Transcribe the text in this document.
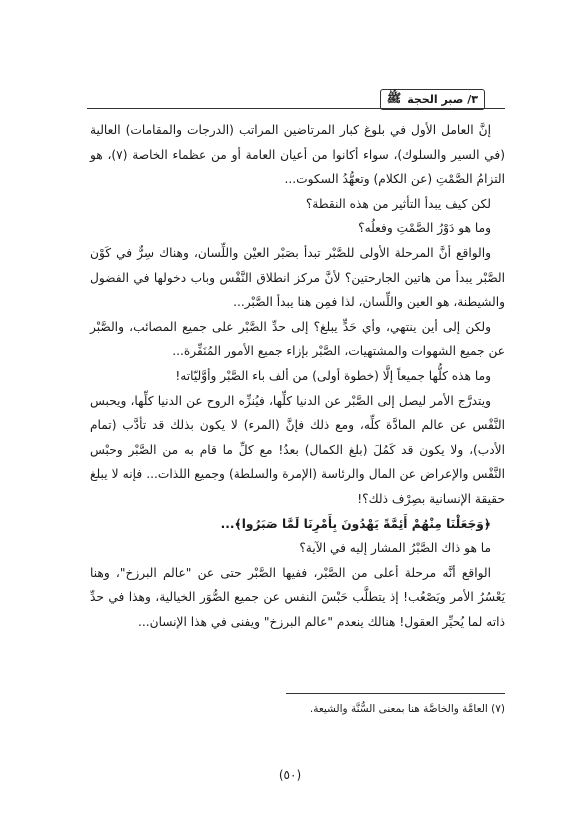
٣/ صبر الحجة
ﷺ

إنَّ العامل الأول في بلوغ كبار المرتاضين المراتب (الدرجات والمقامات) العالية (في السير والسلوك)، سواء أكانوا من أعيان العامة أو من عظماء الخاصة (٧)، هو التزامُ الصَّمْتِ (عن الكلام) وتعهُّدُ السكوت...

لكن كيف يبدأ التأثير من هذه النقطة؟

وما هو دَوْرُ الصَّمْتِ وفعلُه؟

والواقع أنَّ المرحلة الأولى للصَّبْر تبدأ بصَبْر العيْن واللِّسان، وهناك سِرٌّ في كَوْن الصَّبْر يبدأ من هاتين الجارحتين؟ لأنَّ مركز انطلاق النَّفْس وباب دخولها في الفضول والشيطنة، هو العين واللِّسان، لذا فمِن هنا يبدأ الصَّبْر...

ولكن إلى أين ينتهي، وأي حَدٍّ يبلغ؟ إلى حدِّ الصَّبْر على جميع المصائب، والصَّبْر عن جميع الشهوات والمشتهيات، الصَّبْر بإزاء جميع الأمور المُنَفِّرة...

وما هذه كلُّها جميعاً إلَّا (خطوة أولى) من ألف باء الصَّبْر وأوَّليّاته!

ويتدرَّج الأمر ليصل إلى الصَّبْر عن الدنيا كلِّها، فيُنزِّه الروح عن الدنيا كلِّها، ويحبس النَّفْس عن عالم المادَّة كلِّه، ومع ذلك فإنَّ (المرء) لا يكون بذلك قد تأدَّب (تمام الأدب)، ولا يكون قد كَمُلَ (بلغ الكمال) بعدُ! مع كلِّ ما قام به من الصَّبْر وحبْس النَّفْس والإعراض عن المال والرئاسة (الإمرة والسلطة) وجميع اللذات... فإنه لا يبلغ حقيقة الإنسانية بصِرْف ذلك؟!

﴿وَجَعَلْنَا مِنْهُمْ أَئِمَّةً يَهْدُونَ بِأَمْرِنَا لَمَّا صَبَرُوا﴾...

ما هو ذاك الصَّبْرُ المشار إليه في الآية؟

الواقع أنَّه مرحلة أعلى من الصَّبْر، ففيها الصَّبْر حتى عن "عالم البرزخ"، وهنا يَعْسُرُ الأمر ويَصْعُب! إذ يتطلَّب حَبْسَ النفس عن جميع الصُّوَر الخيالية، وهذا في حدِّ ذاته لما يُحيِّر العقول! هنالك ينعدم "عالم البرزخ" ويفنى في هذا الإنسان...

(٧) العامَّة والخاصَّة هنا بمعنى السُّنَّة والشيعة.
(٥٠)
